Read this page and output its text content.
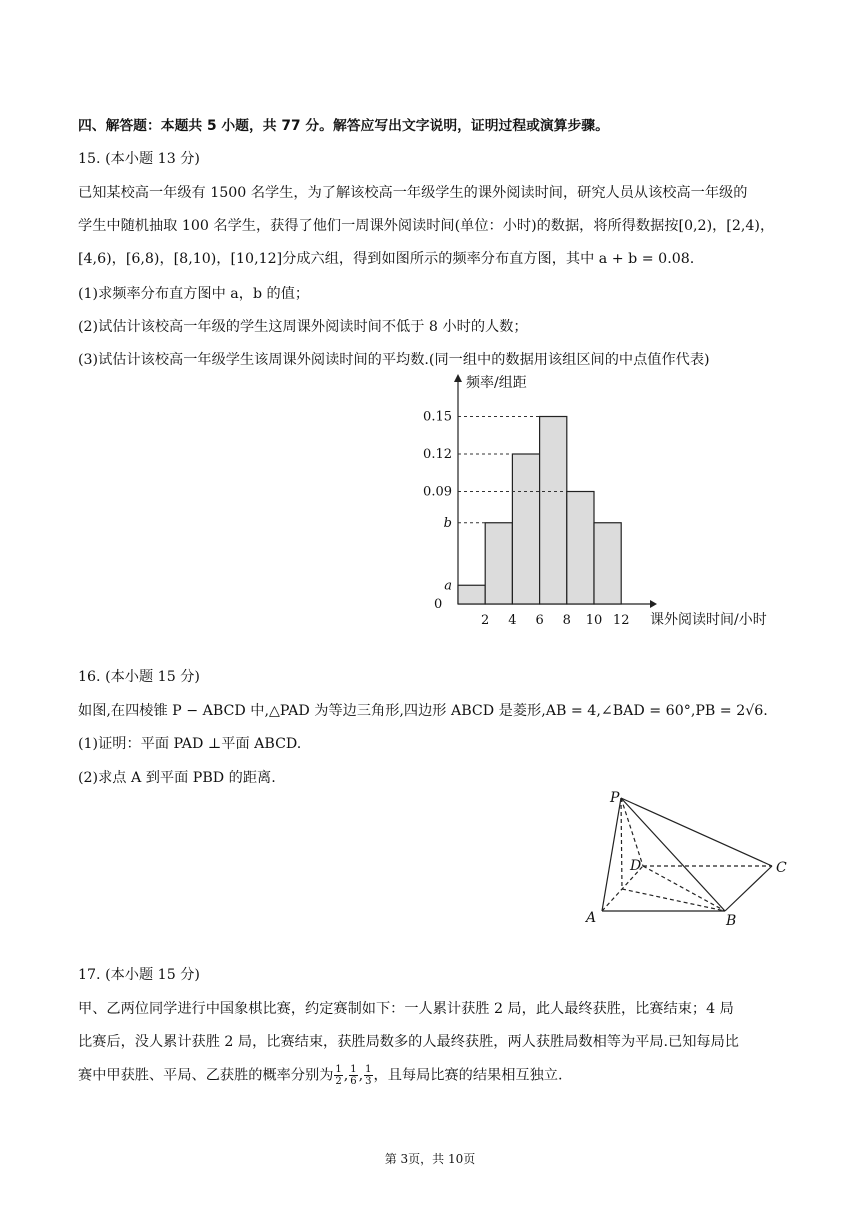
四、解答题：本题共 5 小题，共 77 分。解答应写出文字说明，证明过程或演算步骤。
15. (本小题 13 分)
已知某校高一年级有 1500 名学生，为了解该校高一年级学生的课外阅读时间，研究人员从该校高一年级的
学生中随机抽取 100 名学生，获得了他们一周课外阅读时间(单位：小时)的数据，将所得数据按[0,2)，[2,4)，
[4,6)，[6,8)，[8,10)，[10,12]分成六组，得到如图所示的频率分布直方图，其中 a + b = 0.08.
(1)求频率分布直方图中 a，b 的值；
(2)试估计该校高一年级的学生这周课外阅读时间不低于 8 小时的人数；
(3)试估计该校高一年级学生该周课外阅读时间的平均数.(同一组中的数据用该组区间的中点值作代表)
a
b
0.09
0.12
0.15
0
2 4 6 8 10 12
频率/组距
课外阅读时间/小时
16. (本小题 15 分)
如图,在四棱锥 P − ABCD 中,△PAD 为等边三角形,四边形 ABCD 是菱形,AB = 4,∠BAD = 60°,PB = 2√6.
(1)证明：平面 PAD ⊥平面 ABCD.
(2)求点 A 到平面 PBD 的距离.
P
D	C
A	B
17. (本小题 15 分)
甲、乙两位同学进行中国象棋比赛，约定赛制如下：一人累计获胜 2 局，此人最终获胜，比赛结束；4 局
比赛后，没人累计获胜 2 局，比赛结束，获胜局数多的人最终获胜，两人获胜局数相等为平局.已知每局比
赛中甲获胜、平局、乙获胜的概率分别为 $\frac{1}{2}$ , $\frac{1}{6}$ , $\frac{1}{3}$ ，且每局比赛的结果相互独立.
第 3页，共 10页
